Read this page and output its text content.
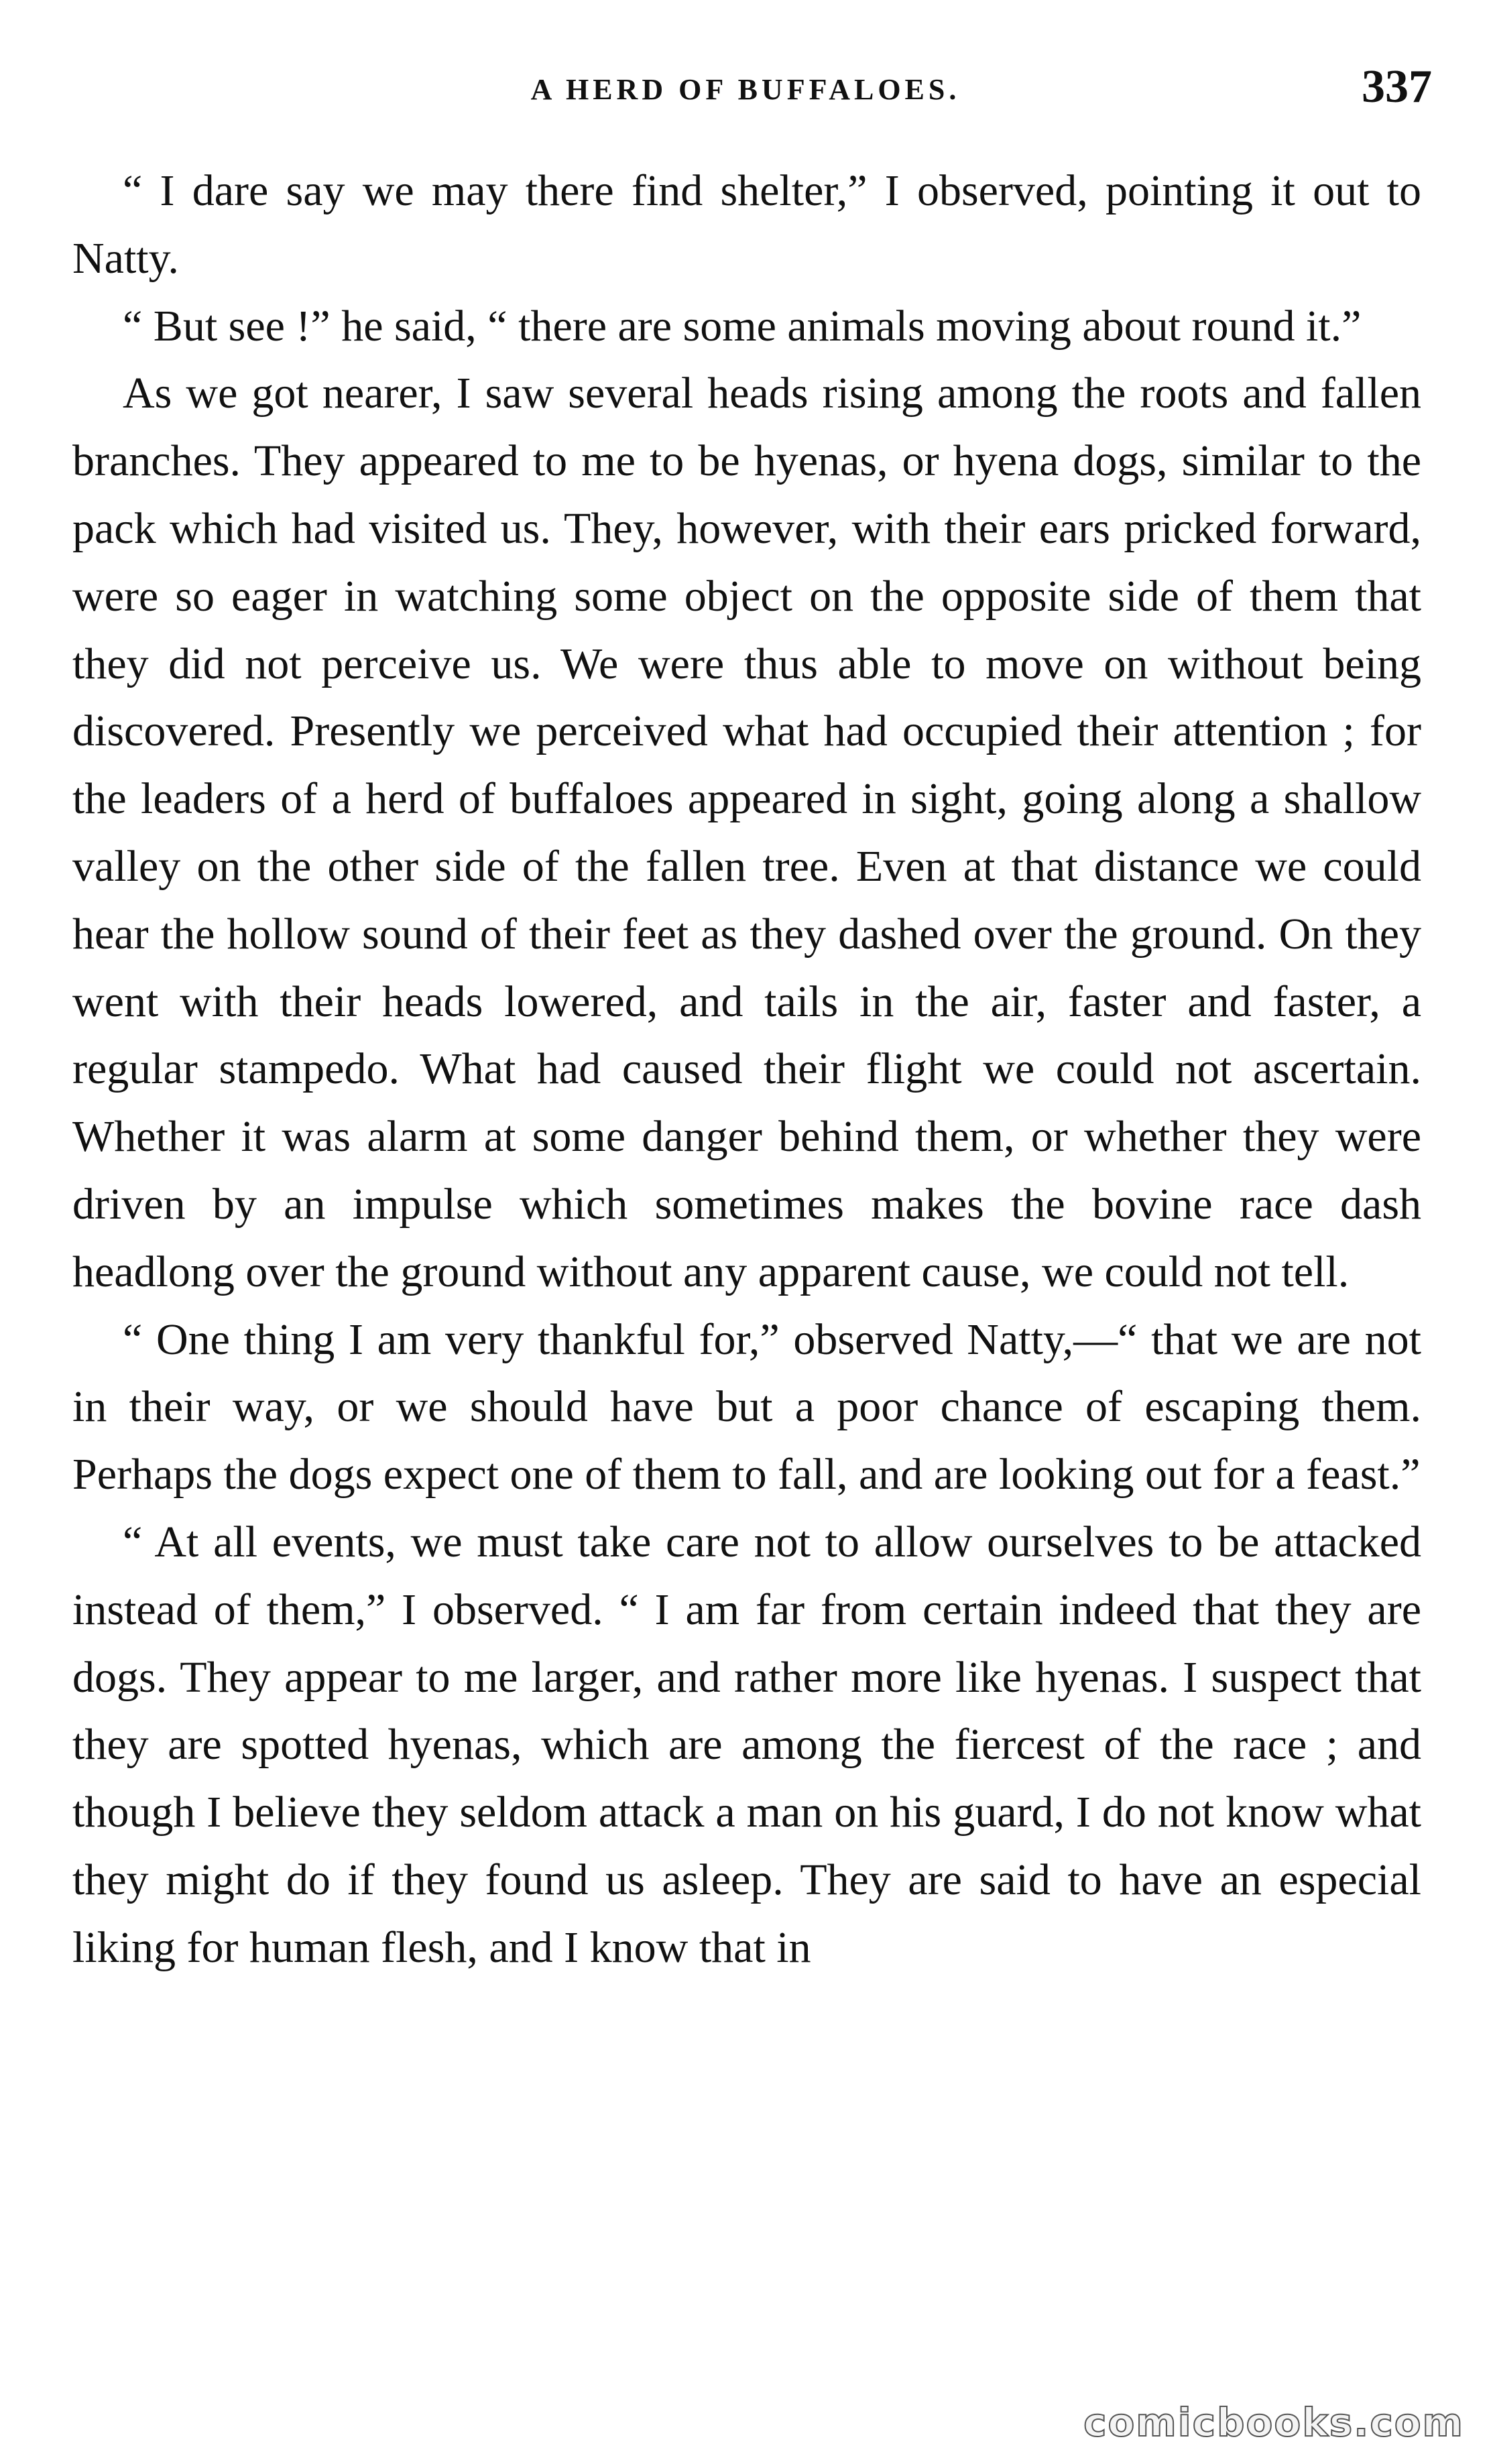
A HERD OF BUFFALOES.	337

“ I dare say we may there find shelter,” I observed, pointing it out to Natty.

“ But see !” he said, “ there are some animals moving about round it.”

As we got nearer, I saw several heads rising among the roots and fallen branches. They appeared to me to be hyenas, or hyena dogs, similar to the pack which had visited us. They, however, with their ears pricked forward, were so eager in watching some object on the opposite side of them that they did not perceive us. We were thus able to move on without being discovered. Presently we perceived what had occupied their attention ; for the leaders of a herd of buffaloes appeared in sight, going along a shallow valley on the other side of the fallen tree. Even at that distance we could hear the hollow sound of their feet as they dashed over the ground. On they went with their heads lowered, and tails in the air, faster and faster, a regular stampedo. What had caused their flight we could not ascertain. Whether it was alarm at some danger behind them, or whether they were driven by an impulse which sometimes makes the bovine race dash headlong over the ground without any apparent cause, we could not tell.

“ One thing I am very thankful for,” observed Natty,—“ that we are not in their way, or we should have but a poor chance of escaping them. Perhaps the dogs expect one of them to fall, and are looking out for a feast.”

“ At all events, we must take care not to allow ourselves to be attacked instead of them,” I observed. “ I am far from certain indeed that they are dogs. They appear to me larger, and rather more like hyenas. I suspect that they are spotted hyenas, which are among the fiercest of the race ; and though I believe they seldom attack a man on his guard, I do not know what they might do if they found us asleep. They are said to have an especial liking for human flesh, and I know that in

comicbooks.com
